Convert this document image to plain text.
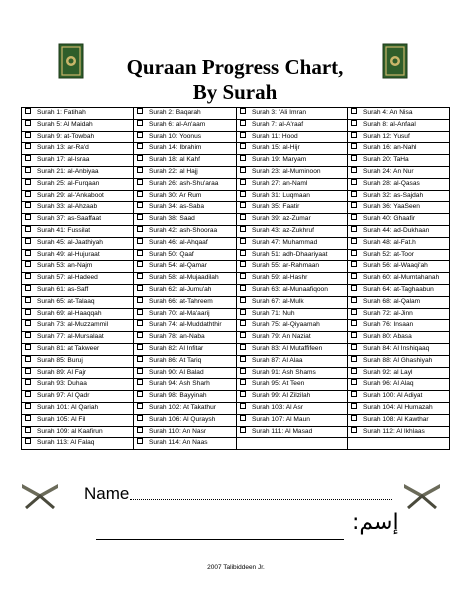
Quraan Progress Chart,
By Surah
Surah 1: Fatihah	Surah 2: Baqarah	Surah 3: 'Ali Imran	Surah 4: An Nisa
Surah 5: Al Maidah	Surah 6: al-An'aam	Surah 7: al-A'raaf	Surah 8: al-Anfaal
Surah 9: at-Towbah	Surah 10: Yoonus	Surah 11: Hood	Surah 12: Yusuf
Surah 13: ar-Ra'd	Surah 14: Ibrahim	Surah 15: al-Hijr	Surah 16: an-Nahl
Surah 17: al-Israa	Surah 18: al Kahf	Surah 19: Maryam	Surah 20: TaHa
Surah 21: al-Anbiyaa	Surah 22: al Hajj	Surah 23: al-Muminoon	Surah 24: An Nur
Surah 25: al-Furqaan	Surah 26: ash-Shu'araa	Surah 27: an-Naml	Surah 28: al-Qasas
Surah 29: al-'Ankaboot	Surah 30: Ar Rum	Surah 31: Luqmaan	Surah 32: as-Sajdah
Surah 33: al-Ahzaab	Surah 34: as-Saba	Surah 35: Faatir	Surah 36: YaaSeen
Surah 37: as-Saaffaat	Surah 38: Saad	Surah 39: az-Zumar	Surah 40: Ghaafir
Surah 41: Fussilat	Surah 42: ash-Shooraa	Surah 43: az-Zukhruf	Surah 44: ad-Dukhaan
Surah 45: al-Jaathiyah	Surah 46: al-Ahqaaf	Surah 47: Muhammad	Surah 48: al-Fat.h
Surah 49: al-Hujuraat	Surah 50: Qaaf	Surah 51: adh-Dhaariyaat	Surah 52: at-Toor
Surah 53: an-Najm	Surah 54: al-Qamar	Surah 55: ar-Rahmaan	Surah 56: al-Waaqi'ah
Surah 57: al-Hadeed	Surah 58: al-Mujaadilah	Surah 59: al-Hashr	Surah 60: al-Mumtahanah
Surah 61: as-Saff	Surah 62: al-Jumu'ah	Surah 63: al-Munaafiqoon	Surah 64: at-Taghaabun
Surah 65: at-Talaaq	Surah 66: at-Tahreem	Surah 67: al-Mulk	Surah 68: al-Qalam
Surah 69: al-Haaqqah	Surah 70: al-Ma'aarij	Surah 71: Nuh	Surah 72: al-Jinn
Surah 73: al-Muzzammil	Surah 74: al-Muddaththir	Surah 75: al-Qiyaamah	Surah 76: Insaan
Surah 77: al-Mursalaat	Surah 78: an-Naba	Surah 79: An Naziat	Surah 80: Abasa
Surah 81: at Takweer	Surah 82: Al Infitar	Surah 83: Al Mutaffifeen	Surah 84: Al Inshiqaaq
Surah 85: Buruj	Surah 86: At Tariq	Surah 87: Al Alaa	Surah 88: Al Ghashiyah
Surah 89: Al Fajr	Surah 90: Al Balad	Surah 91: Ash Shams	Surah 92: al Layl
Surah 93: Duhaa	Surah 94: Ash Sharh	Surah 95: At Teen	Surah 96: Al Alaq
Surah 97: Al Qadr	Surah 98: Bayyinah	Surah 99: Al Zilzilah	Surah 100: Al Adiyat
Surah 101: Al Qariah	Surah 102: At Takathur	Surah 103: Al Asr	Surah 104: Al Humazah
Surah 105: Al Fil	Surah 106: Al Quraysh	Surah 107: Al Maun	Surah 108: Al Kawthar
Surah 109: al Kaafirun	Surah 110: An Nasr	Surah 111: Al Masad	Surah 112: Al Ikhlaas
Surah 113: Al Falaq	Surah 114: An Naas		
Name
إسم:
2007 Talibiddeen Jr.
